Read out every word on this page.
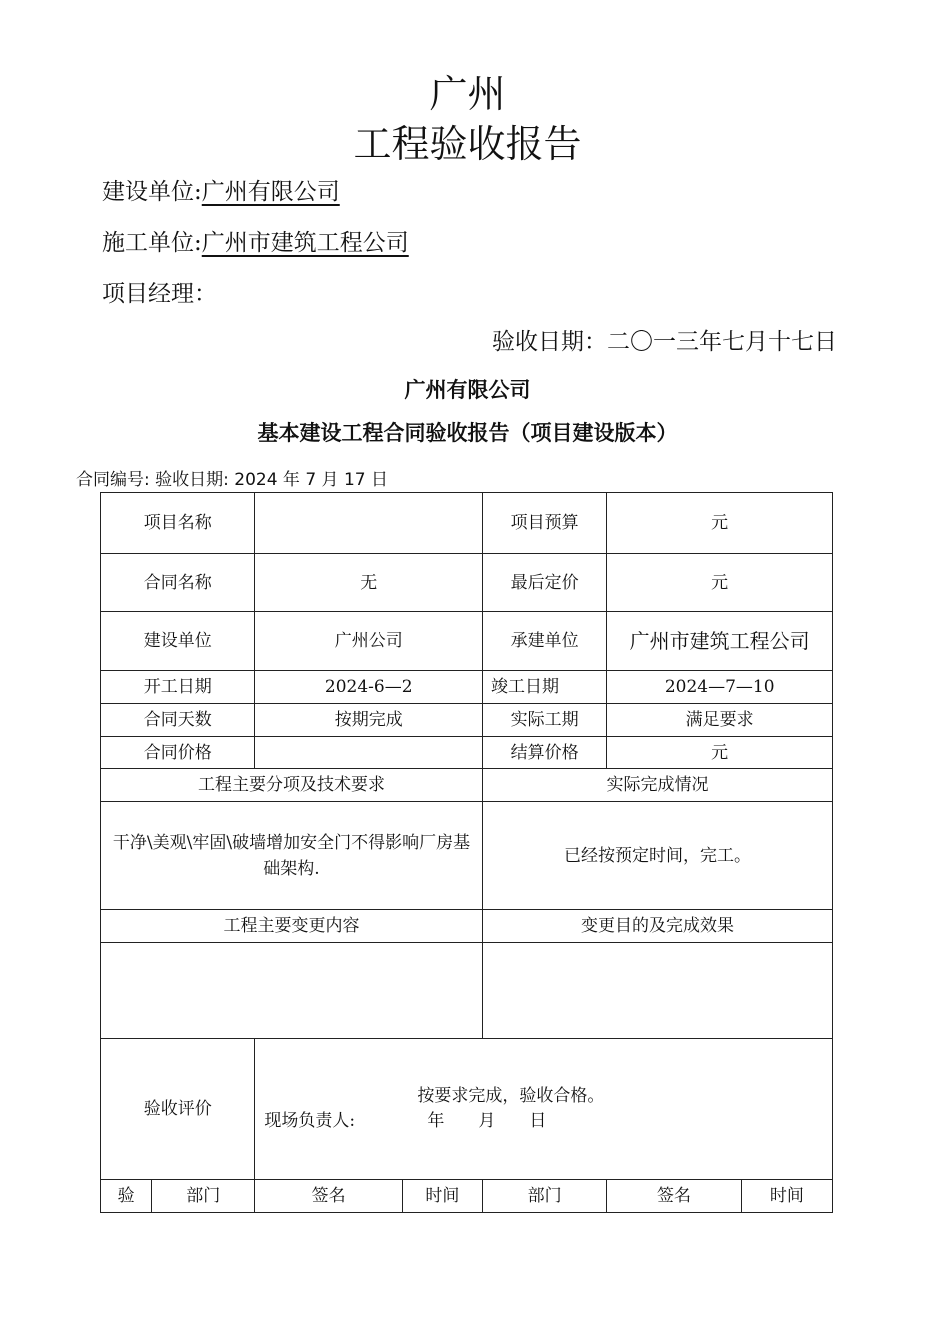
广州
工程验收报告
建设单位:广州有限公司
施工单位:广州市建筑工程公司
项目经理：
验收日期：二〇一三年七月十七日
广州有限公司
基本建设工程合同验收报告（项目建设版本）
合同编号: 验收日期: 2024 年 7 月 17 日
项目名称				项目预算	元	
合同名称		无		最后定价	元	
建设单位		广州公司		承建单位	广州市建筑工程公司	
开工日期		2024-6—2		竣工日期	2024—7—10	
合同天数		按期完成		实际工期	满足要求	
合同价格				结算价格	元	
工程主要分项及技术要求				实际完成情况		
干净\美观\牢固\破墙增加安全门不得影响厂房基础架构.				已经按预定时间，完工。		
工程主要变更内容				变更目的及完成效果		

验收评价		按要求完成，验收合格。
现场负责人: 年　　月　　日				

验	部门	签名	时间	部门	签名	时间
